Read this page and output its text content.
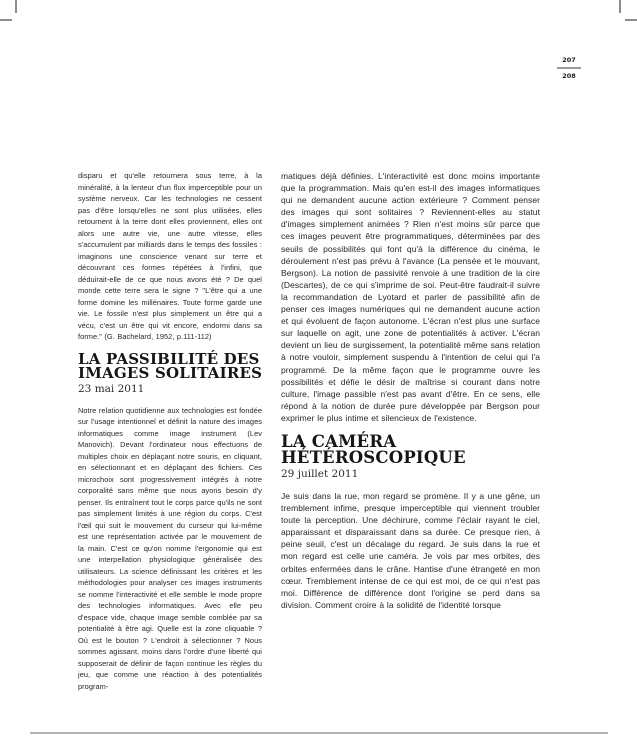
207
208

disparu et qu'elle retournera sous terre, à la minéralité, à la lenteur d'un flux imperceptible pour un système nerveux. Car les technologies ne cessent pas d'être lorsqu'elles ne sont plus utilisées, elles retournent à la terre dont elles proviennent, elles ont alors une autre vie, une autre vitesse, elles s'accumulent par milliards dans le temps des fossiles : imaginons une conscience venant sur terre et découvrant ces formes répétées à l'infini, que déduirait-elle de ce que nous avons été ? De quel monde cette terre sera le signe ? "L'être qui a une forme domine les millénaires. Toute forme garde une vie. Le fossile n'est plus simplement un être qui a vécu, c'est un être qui vit encore, endormi dans sa forme." (G. Bachelard, 1952, p.111-112)

LA PASSIBILITÉ DES
IMAGES SOLITAIRES
23 mai 2011

Notre relation quotidienne aux technologies est fondée sur l'usage intentionnel et définit la nature des images informatiques comme image instrument (Lev Manovich). Devant l'ordinateur nous effectuons de multiples choix en déplaçant notre souris, en cliquant, en sélectionnant et en déplaçant des fichiers. Ces microchoix sont progressivement intégrés à notre corporalité sans même que nous ayons besoin d'y penser. Ils entraînent tout le corps parce qu'ils ne sont pas simplement limités à une région du corps. C'est l'œil qui suit le mouvement du curseur qui lui-même est une représentation activée par le mouvement de la main. C'est ce qu'on nomme l'ergonomie qui est une interpellation physiologique généralisée des utilisateurs. La science définissant les critères et les méthodologies pour analyser ces images instruments se nomme l'interactivité et elle semble le mode propre des technologies informatiques. Avec elle peu d'espace vide, chaque image semble comblée par sa potentialité à être agi. Quelle est la zone cliquable ? Où est le bouton ? L'endroit à sélectionner ? Nous sommes agissant, moins dans l'ordre d'une liberté qui supposerait de définir de façon continue les règles du jeu, que comme une réaction à des potentialités program-

matiques déjà définies. L'interactivité est donc moins importante que la programmation. Mais qu'en est-il des images informatiques qui ne demandent aucune action extérieure ? Comment penser des images qui sont solitaires ? Reviennent-elles au statut d'images simplement animées ? Rien n'est moins sûr parce que ces images peuvent être programmatiques, déterminées par des seuils de possibilités qui font qu'à la différence du cinéma, le déroulement n'est pas prévu à l'avance (La pensée et le mouvant, Bergson). La notion de passivité renvoie à une tradition de la cire (Descartes), de ce qui s'imprime de soi. Peut-être faudrait-il suivre la recommandation de Lyotard et parler de passibilité afin de penser ces images numériques qui ne demandent aucune action et qui évoluent de façon autonome. L'écran n'est plus une surface sur laquelle on agit, une zone de potentialités à activer. L'écran devient un lieu de surgissement, la potentialité même sans relation à notre vouloir, simplement suspendu à l'intention de celui qui l'a programmé. De la même façon que le programme ouvre les possibilités et défie le désir de maîtrise si courant dans notre culture, l'image passible n'est pas avant d'être. En ce sens, elle répond à la notion de durée pure développée par Bergson pour exprimer le plus intime et silencieux de l'existence.

LA CAMÉRA
HÉTÉROSCOPIQUE
29 juillet 2011

Je suis dans la rue, mon regard se promène. Il y a une gêne, un tremblement infime, presque imperceptible qui viennent troubler toute la perception. Une déchirure, comme l'éclair rayant le ciel, apparaissant et disparaissant dans sa durée. Ce presque rien, à peine seuil, c'est un décalage du regard. Je suis dans la rue et mon regard est celle une caméra. Je vois par mes orbites, des orbites enfermées dans le crâne. Hantise d'une étrangeté en mon cœur. Tremblement intense de ce qui est moi, de ce qui n'est pas moi. Différence de différence dont l'origine se perd dans sa division. Comment croire à la solidité de l'identité lorsque
